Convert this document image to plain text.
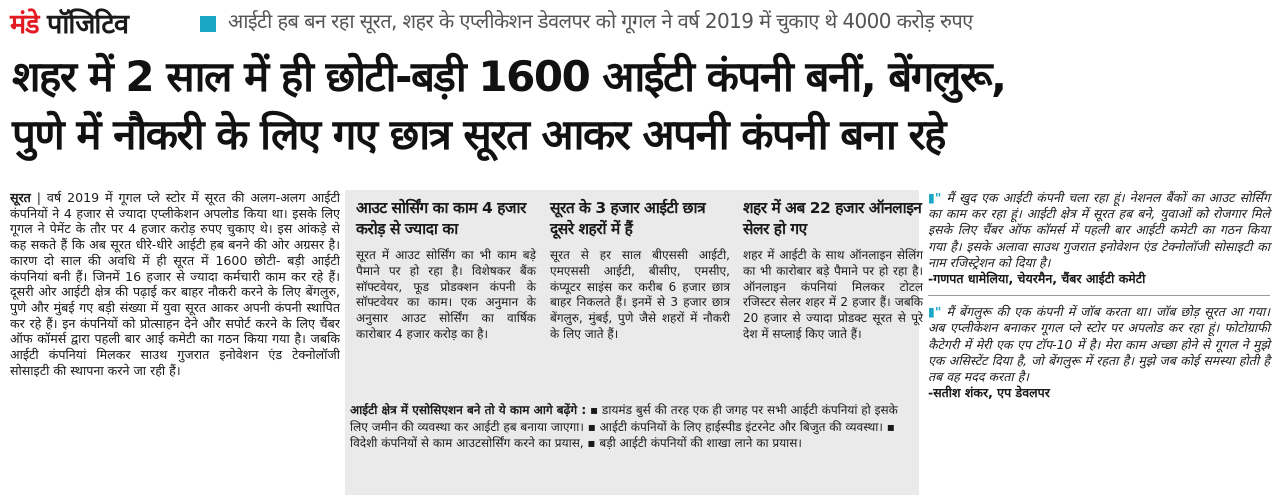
मंडे पॉजिटिव	आईटी हब बन रहा सूरत, शहर के एप्लीकेशन डेवलपर को गूगल ने वर्ष 2019 में चुकाए थे 4000 करोड़ रुपए
शहर में 2 साल में ही छोटी-बड़ी 1600 आईटी कंपनी बनीं, बेंगलुरू,
पुणे में नौकरी के लिए गए छात्र सूरत आकर अपनी कंपनी बना रहे
सूरत | वर्ष 2019 में गूगल प्ले स्टोर में सूरत की अलग-अलग आईटी कंपनियों ने 4 हजार से ज्यादा एप्लीकेशन अपलोड किया था। इसके लिए गूगल ने पेमेंट के तौर पर 4 हजार करोड़ रुपए चुकाए थे। इस आंकड़े से कह सकते हैं कि अब सूरत धीरे-धीरे आईटी हब बनने की ओर अग्रसर है। कारण दो साल की अवधि में ही सूरत में 1600 छोटी- बड़ी आईटी कंपनियां बनी हैं। जिनमें 16 हजार से ज्यादा कर्मचारी काम कर रहे हैं। दूसरी ओर आईटी क्षेत्र की पढ़ाई कर बाहर नौकरी करने के लिए बेंगलुरु, पुणे और मुंबई गए बड़ी संख्या में युवा सूरत आकर अपनी कंपनी स्थापित कर रहे हैं। इन कंपनियों को प्रोत्साहन देने और सपोर्ट करने के लिए चैंबर ऑफ कॉमर्स द्वारा पहली बार आई कमेटी का गठन किया गया है। जबकि आईटी कंपनियां मिलकर साउथ गुजरात इनोवेशन एंड टेक्नोलॉजी सोसाइटी की स्थापना करने जा रही हैं।
आउट सोर्सिंग का काम 4 हजार करोड़ से ज्यादा का

सूरत में आउट सोर्सिंग का भी काम बड़े पैमाने पर हो रहा है। विशेषकर बैंक सॉफ्टवेयर, फूड प्रोडक्शन कंपनी के सॉफ्टवेयर का काम। एक अनुमान के अनुसार आउट सोर्सिंग का वार्षिक कारोबार 4 हजार करोड़ का है।

सूरत के 3 हजार आईटी छात्र दूसरे शहरों में हैं

सूरत से हर साल बीएससी आईटी, एमएससी आईटी, बीसीए, एमसीए, कंप्यूटर साइंस कर करीब 6 हजार छात्र बाहर निकलते हैं। इनमें से 3 हजार छात्र बेंगलुरु, मुंबई, पुणे जैसे शहरों में नौकरी के लिए जाते हैं।

शहर में अब 22 हजार ऑनलाइन सेलर हो गए

शहर में आईटी के साथ ऑनलाइन सेलिंग का भी कारोबार बड़े पैमाने पर हो रहा है। ऑनलाइन कंपनियां मिलकर टोटल रजिस्टर सेलर शहर में 2 हजार हैं। जबकि 20 हजार से ज्यादा प्रोडक्ट सूरत से पूरे देश में सप्लाई किए जाते हैं।

आईटी क्षेत्र में एसोसिएशन बने तो ये काम आगे बढ़ेंगे : ▪ डायमंड बुर्स की तरह एक ही जगह पर सभी आईटी कंपनियां हो इसके लिए जमीन की व्यवस्था कर आईटी हब बनाया जाएगा। ▪ आईटी कंपनियों के लिए हाईस्पीड इंटरनेट और बिजुत की व्यवस्था। ▪ विदेशी कंपनियों से काम आउटसोर्सिंग करने का प्रयास, ▪ बड़ी आईटी कंपनियों की शाखा लाने का प्रयास।
▮" मैं खुद एक आईटी कंपनी चला रहा हूं। नेशनल बैंकों का आउट सोर्सिंग का काम कर रहा हूं। आईटी क्षेत्र में सूरत हब बने, युवाओं को रोजगार मिले इसके लिए चैंबर ऑफ कॉमर्स में पहली बार आईटी कमेटी का गठन किया गया है। इसके अलावा साउथ गुजरात इनोवेशन एंड टेक्नोलॉजी सोसाइटी का नाम रजिस्ट्रेशन को दिया है।
-गणपत धामेलिया, चेयरमैन, चैंबर आईटी कमेटी
▮" मैं बेंगलुरू की एक कंपनी में जॉब करता था। जॉब छोड़ सूरत आ गया। अब एप्लीकेशन बनाकर गूगल प्ले स्टोर पर अपलोड कर रहा हूं। फोटोग्राफी कैटेगरी में मेरी एक एप टॉप-10 में है। मेरा काम अच्छा होने से गूगल ने मुझे एक असिस्टेंट दिया है, जो बेंगलुरू में रहता है। मुझे जब कोई समस्या होती है तब वह मदद करता है।
-सतीश शंकर, एप डेवलपर
